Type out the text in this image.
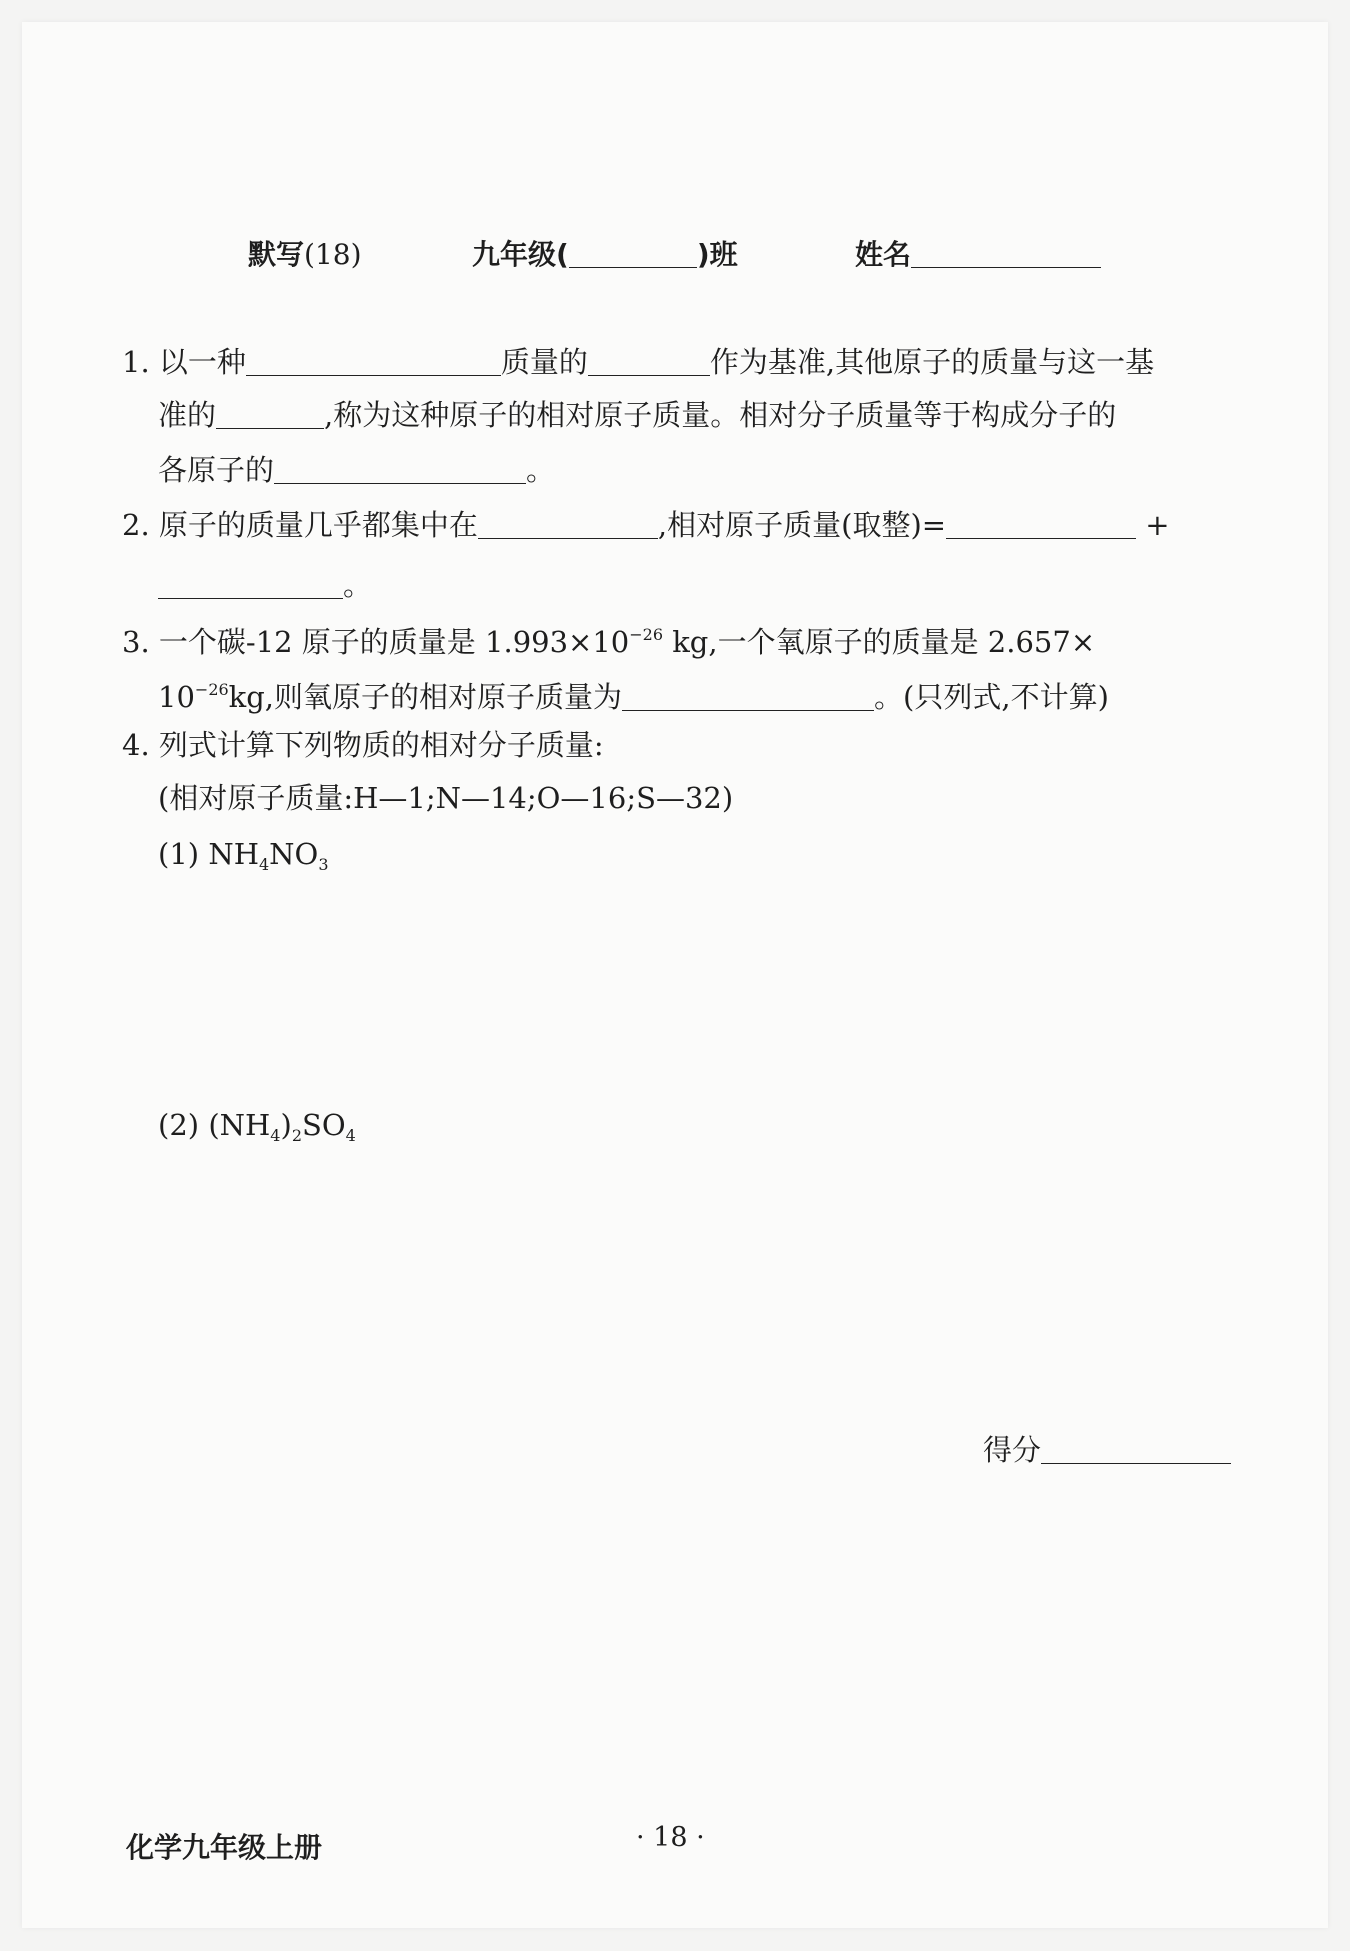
默写(18)	九年级(	)班	姓名
1. 以一种	质量的	作为基准,其他原子的质量与这一基
准的	,称为这种原子的相对原子质量。相对分子质量等于构成分子的
各原子的	。
2. 原子的质量几乎都集中在	,相对原子质量(取整)=	+
。
3. 一个碳-12 原子的质量是 $1.993\times 10^{-26}$ kg,一个氧原子的质量是 2.657×
$10^{-26}kg$,则氧原子的相对原子质量为	。(只列式,不计算)
4. 列式计算下列物质的相对分子质量:
(相对原子质量:H—1;N—14;O—16;S—32)
(1) $NH_4NO_3$
(2) $(NH_4)_2SO_4$
得分
化学九年级上册	· 18 ·
